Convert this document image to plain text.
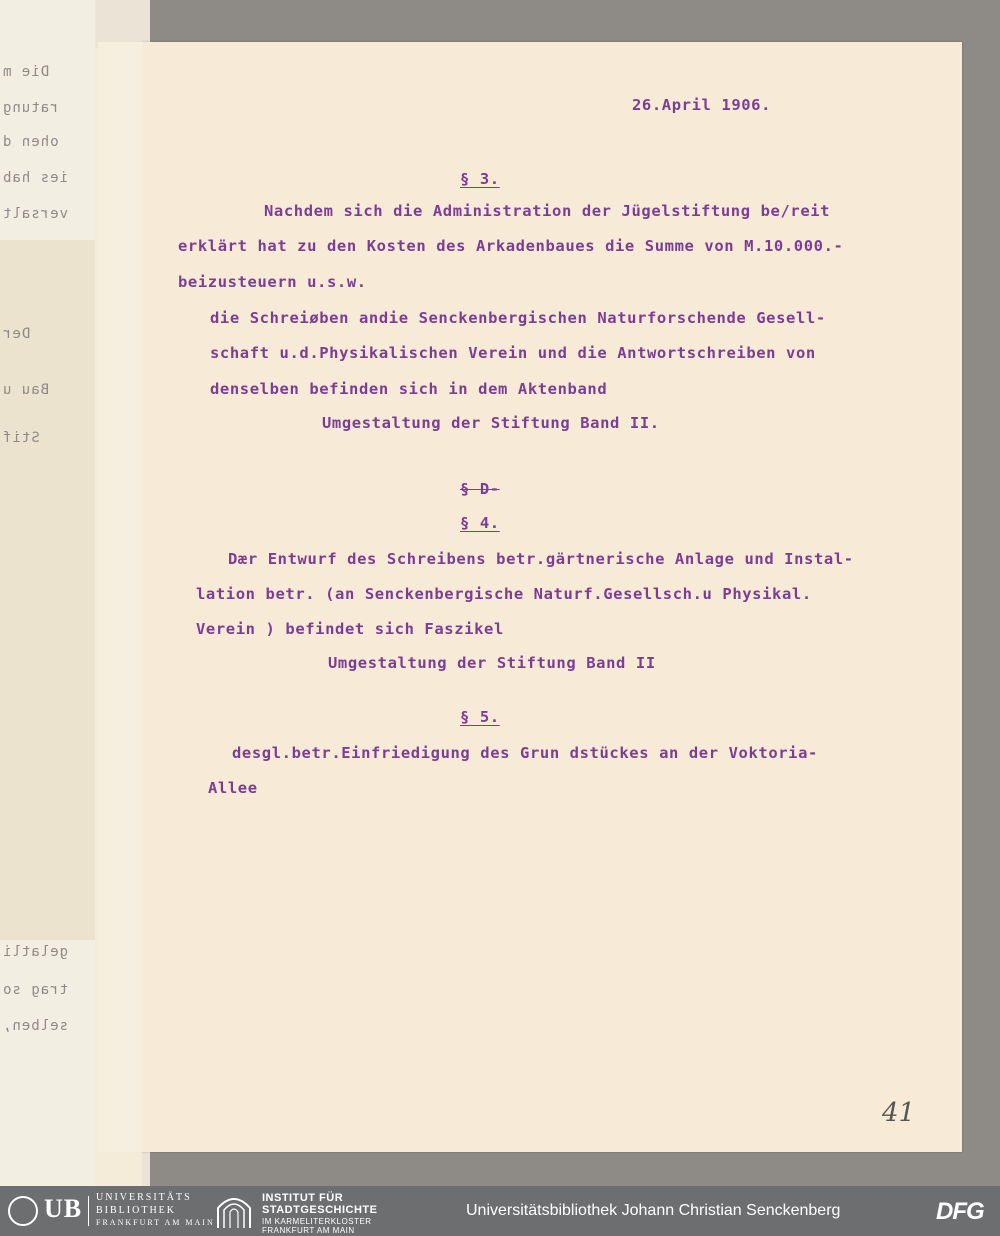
Die m
ratung
ohen d
ies hab
versalt
Der
Bau u
Stif
gelatli
trag so
selben,
26.April 1906.
§ 3.
Nachdem sich die Administration der Jügelstiftung be/reit
erklärt hat zu den Kosten des Arkadenbaues die Summe von M.10.000.-
beizusteuern u.s.w.
die Schreiøben andie Senckenbergischen Naturforschende Gesell-
schaft u.d.Physikalischen Verein und die Antwortschreiben von
denselben befinden sich in dem Aktenband
Umgestaltung der Stiftung Band II.
§ D-
§ 4.
Dær Entwurf des Schreibens betr.gärtnerische Anlage und Instal-
lation betr. (an Senckenbergische Naturf.Gesellsch.u Physikal.
Verein ) befindet sich Faszikel
Umgestaltung der Stiftung Band II
§ 5.
desgl.betr.Einfriedigung des Grun dstückes an der Voktoria-
Allee
41
UB UNIVERSITÄTS
BIBLIOTHEK
FRANKFURT AM MAIN
INSTITUT FÜR
STADTGESCHICHTE
IM KARMELITERKLOSTER
FRANKFURT AM MAIN
Universitätsbibliothek Johann Christian Senckenberg	DFG
